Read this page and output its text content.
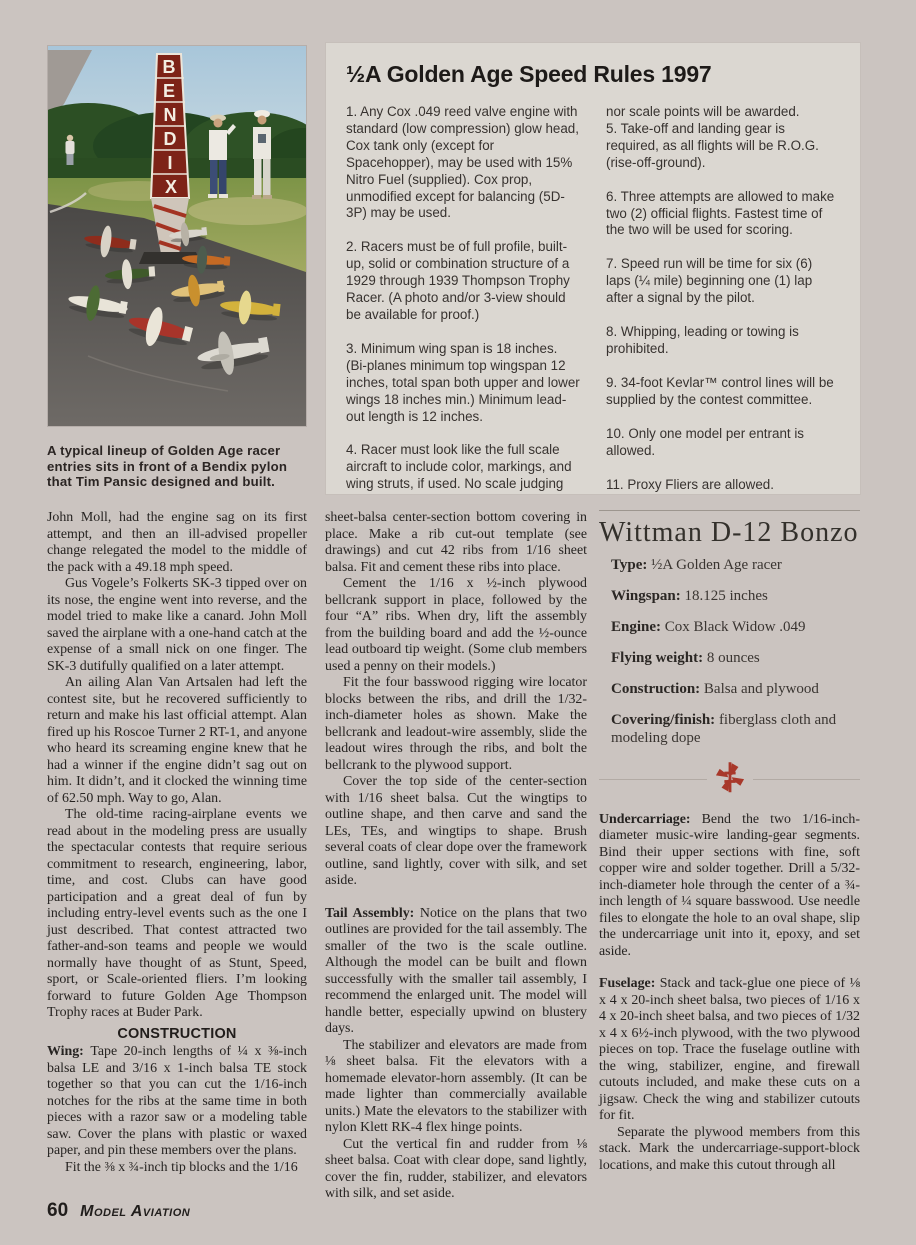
B
E
N
D
I
X
A typical lineup of Golden Age racer entries sits in front of a Bendix pylon that Tim Pansic designed and built.
½A Golden Age Speed Rules 1997

1. Any Cox .049 reed valve engine with standard (low compression) glow head, Cox tank only (except for Spacehopper), may be used with 15% Nitro Fuel (supplied). Cox prop, unmodified except for balancing (5D-3P) may be used.

2. Racers must be of full profile, built-up, solid or combination structure of a 1929 through 1939 Thompson Trophy Racer. (A photo and/or 3-view should be available for proof.)

3. Minimum wing span is 18 inches. (Bi-planes minimum top wingspan 12 inches, total span both upper and lower wings 18 inches min.) Minimum lead-out length is 12 inches.

4. Racer must look like the full scale aircraft to include color, markings, and wing struts, if used. No scale judging

nor scale points will be awarded.

5. Take-off and landing gear is required, as all flights will be R.O.G. (rise-off-ground).

6. Three attempts are allowed to make two (2) official flights. Fastest time of the two will be used for scoring.

7. Speed run will be time for six (6) laps (¼ mile) beginning one (1) lap after a signal by the pilot.

8. Whipping, leading or towing is prohibited.

9. 34-foot Kevlar™ control lines will be supplied by the contest committee.

10. Only one model per entrant is allowed.

11. Proxy Fliers are allowed.

John Moll, had the engine sag on its first attempt, and then an ill-advised propeller change relegated the model to the middle of the pack with a 49.18 mph speed.

Gus Vogele’s Folkerts SK-3 tipped over on its nose, the engine went into reverse, and the model tried to make like a canard. John Moll saved the airplane with a one-hand catch at the expense of a small nick on one finger. The SK-3 dutifully qualified on a later attempt.

An ailing Alan Van Artsalen had left the contest site, but he recovered sufficiently to return and make his last official attempt. Alan fired up his Roscoe Turner 2 RT-1, and anyone who heard its screaming engine knew that he had a winner if the engine didn’t sag out on him. It didn’t, and it clocked the winning time of 62.50 mph. Way to go, Alan.

The old-time racing-airplane events we read about in the modeling press are usually the spectacular contests that require serious commitment to research, engineering, labor, time, and cost. Clubs can have good participation and a great deal of fun by including entry-level events such as the one I just described. That contest attracted two father-and-son teams and people we would normally have thought of as Stunt, Speed, sport, or Scale-oriented fliers. I’m looking forward to future Golden Age Thompson Trophy races at Buder Park.

CONSTRUCTION

Wing: Tape 20-inch lengths of ¼ x ⅜-inch balsa LE and 3/16 x 1-inch balsa TE stock together so that you can cut the 1/16-inch notches for the ribs at the same time in both pieces with a razor saw or a modeling table saw. Cover the plans with plastic or waxed paper, and pin these members over the plans.

Fit the ⅜ x ¾-inch tip blocks and the 1/16

sheet-balsa center-section bottom covering in place. Make a rib cut-out template (see drawings) and cut 42 ribs from 1/16 sheet balsa. Fit and cement these ribs into place.

Cement the 1/16 x ½-inch plywood bellcrank support in place, followed by the four “A” ribs. When dry, lift the assembly from the building board and add the ½-ounce lead outboard tip weight. (Some club members used a penny on their models.)

Fit the four basswood rigging wire locator blocks between the ribs, and drill the 1/32-inch-diameter holes as shown. Make the bellcrank and leadout-wire assembly, slide the leadout wires through the ribs, and bolt the bellcrank to the plywood support.

Cover the top side of the center-section with 1/16 sheet balsa. Cut the wingtips to outline shape, and then carve and sand the LEs, TEs, and wingtips to shape. Brush several coats of clear dope over the framework outline, sand lightly, cover with silk, and set aside.

Tail Assembly: Notice on the plans that two outlines are provided for the tail assembly. The smaller of the two is the scale outline. Although the model can be built and flown successfully with the smaller tail assembly, I recommend the enlarged unit. The model will handle better, especially upwind on blustery days.

The stabilizer and elevators are made from ⅛ sheet balsa. Fit the elevators with a homemade elevator-horn assembly. (It can be made lighter than commercially available units.) Mate the elevators to the stabilizer with nylon Klett RK-4 flex hinge points.

Cut the vertical fin and rudder from ⅛ sheet balsa. Coat with clear dope, sand lightly, cover the fin, rudder, stabilizer, and elevators with silk, and set aside.

Wittman D-12 Bonzo
Type: ½A Golden Age racer
Wingspan: 18.125 inches
Engine: Cox Black Widow .049
Flying weight: 8 ounces
Construction: Balsa and plywood
Covering/finish: fiberglass cloth and modeling dope

Undercarriage: Bend the two 1/16-inch-diameter music-wire landing-gear segments. Bind their upper sections with fine, soft copper wire and solder together. Drill a 5/32-inch-diameter hole through the center of a ¾-inch length of ¼ square basswood. Use needle files to elongate the hole to an oval shape, slip the undercarriage unit into it, epoxy, and set aside.

Fuselage: Stack and tack-glue one piece of ⅛ x 4 x 20-inch sheet balsa, two pieces of 1/16 x 4 x 20-inch sheet balsa, and two pieces of 1/32 x 4 x 6½-inch plywood, with the two plywood pieces on top. Trace the fuselage outline with the wing, stabilizer, engine, and firewall cutouts included, and make these cuts on a jigsaw. Check the wing and stabilizer cutouts for fit.

Separate the plywood members from this stack. Mark the undercarriage-support-block locations, and make this cutout through all

60 Model Aviation
